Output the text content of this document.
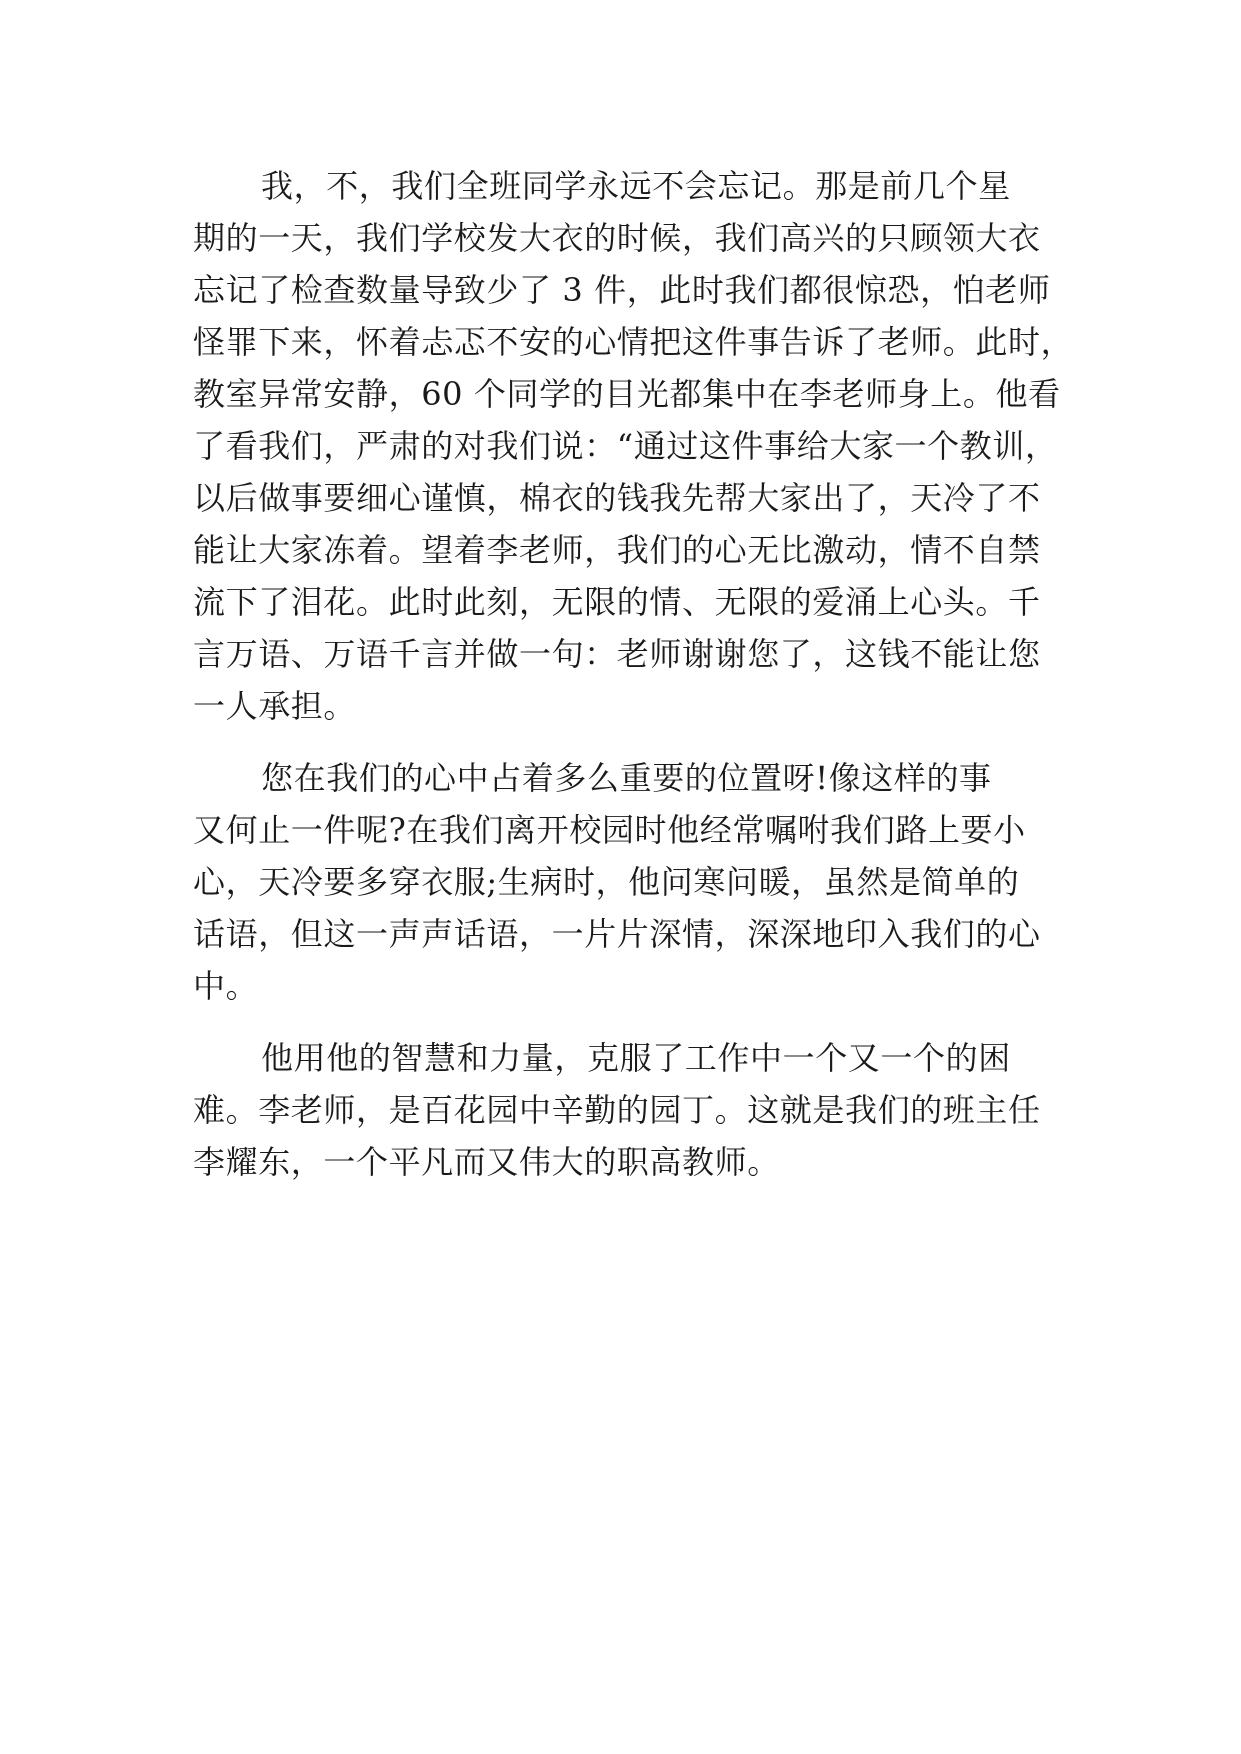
我，不，我们全班同学永远不会忘记。那是前几个星
期的一天，我们学校发大衣的时候，我们高兴的只顾领大衣
忘记了检查数量导致少了 3 件，此时我们都很惊恐，怕老师
怪罪下来，怀着忐忑不安的心情把这件事告诉了老师。此时，
教室异常安静，60 个同学的目光都集中在李老师身上。他看
了看我们，严肃的对我们说：“通过这件事给大家一个教训，
以后做事要细心谨慎，棉衣的钱我先帮大家出了，天冷了不
能让大家冻着。望着李老师，我们的心无比激动，情不自禁
流下了泪花。此时此刻，无限的情、无限的爱涌上心头。千
言万语、万语千言并做一句：老师谢谢您了，这钱不能让您
一人承担。
您在我们的心中占着多么重要的位置呀!像这样的事
又何止一件呢?在我们离开校园时他经常嘱咐我们路上要小
心，天冷要多穿衣服;生病时，他问寒问暖，虽然是简单的
话语，但这一声声话语，一片片深情，深深地印入我们的心
中。
他用他的智慧和力量，克服了工作中一个又一个的困
难。李老师，是百花园中辛勤的园丁。这就是我们的班主任
李耀东，一个平凡而又伟大的职高教师。
